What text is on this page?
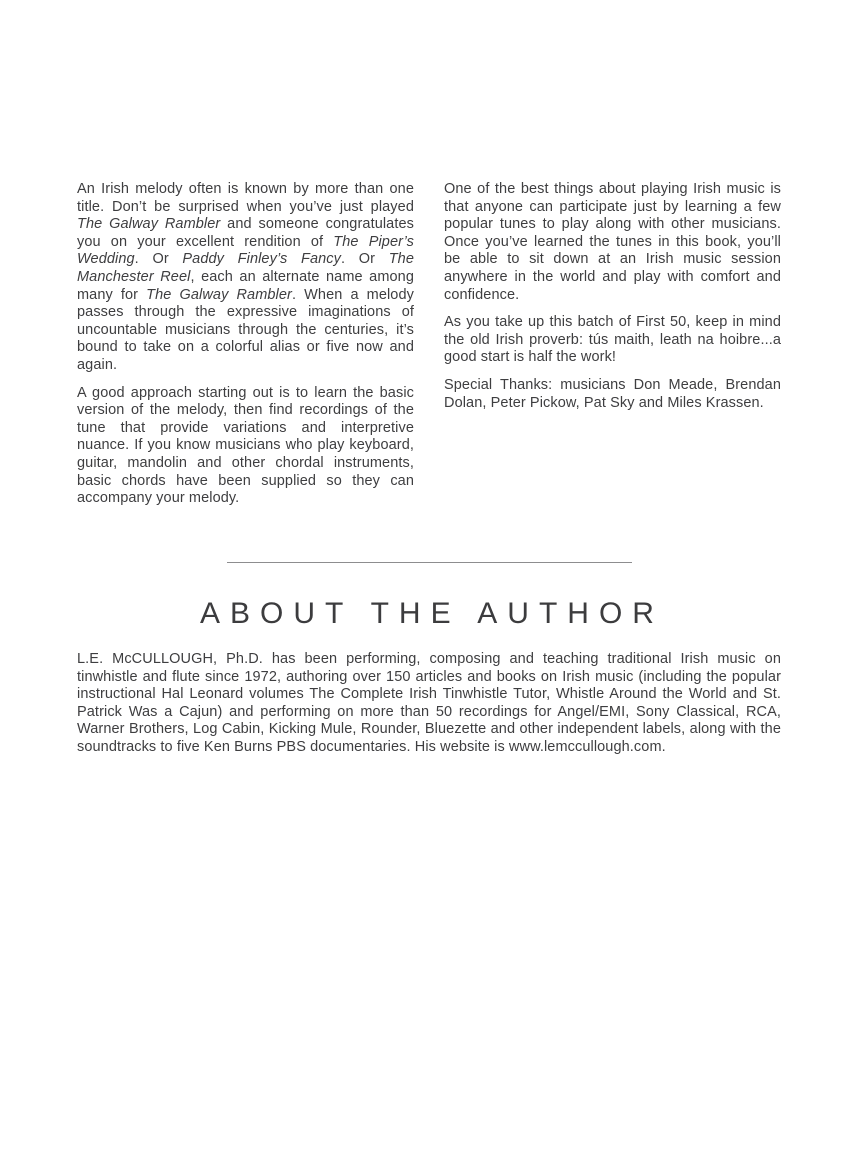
An Irish melody often is known by more than one title. Don’t be surprised when you’ve just played The Galway Rambler and someone congratulates you on your excellent rendition of The Piper’s Wedding. Or Paddy Finley’s Fancy. Or The Manchester Reel, each an alternate name among many for The Galway Rambler. When a melody passes through the expressive imaginations of uncountable musicians through the centuries, it’s bound to take on a colorful alias or five now and again.

A good approach starting out is to learn the basic version of the melody, then find recordings of the tune that provide variations and interpretive nuance. If you know musicians who play keyboard, guitar, mandolin and other chordal instruments, basic chords have been supplied so they can accompany your melody.

One of the best things about playing Irish music is that anyone can participate just by learning a few popular tunes to play along with other musicians. Once you’ve learned the tunes in this book, you’ll be able to sit down at an Irish music session anywhere in the world and play with comfort and confidence.

As you take up this batch of First 50, keep in mind the old Irish proverb: tús maith, leath na hoibre...a good start is half the work!

Special Thanks: musicians Don Meade, Brendan Dolan, Peter Pickow, Pat Sky and Miles Krassen.

ABOUT THE AUTHOR
L.E. McCULLOUGH, Ph.D. has been performing, composing and teaching traditional Irish music on tinwhistle and flute since 1972, authoring over 150 articles and books on Irish music (including the popular instructional Hal Leonard volumes The Complete Irish Tinwhistle Tutor, Whistle Around the World and St. Patrick Was a Cajun) and performing on more than 50 recordings for Angel/EMI, Sony Classical, RCA, Warner Brothers, Log Cabin, Kicking Mule, Rounder, Bluezette and other independent labels, along with the soundtracks to five Ken Burns PBS documentaries. His website is www.lemccullough.com.
